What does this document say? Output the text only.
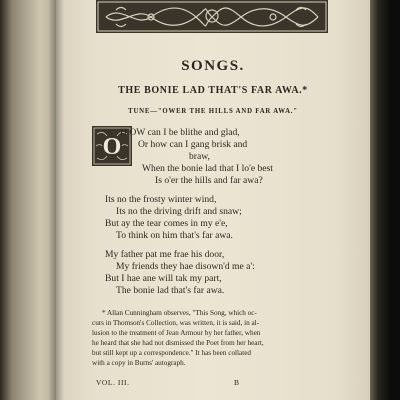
SONGS.
THE BONIE LAD THAT'S FAR AWA.*
TUNE—"OWER THE HILLS AND FAR AWA."
O
H OW can I be blithe and glad,
Or how can I gang brisk and
braw,
When the bonie lad that I lo'e best
Is o'er the hills and far awa?
Its no the frosty winter wind,
Its no the driving drift and snaw;
But ay the tear comes in my e'e,
To think on him that's far awa.
My father pat me frae his door,
My friends they hae disown'd me a':
But I hae ane will tak my part,
The bonie lad that's far awa.
* Allan Cunningham observes, "This Song, which oc-
curs in Thomson's Collection, was written, it is said, in al-
lusion to the treatment of Jean Armour by her father, when
he heard that she had not dismissed the Poet from her heart,
but still kept up a correspondence." It has been collated
with a copy in Burns' autograph.
VOL. III.	B
